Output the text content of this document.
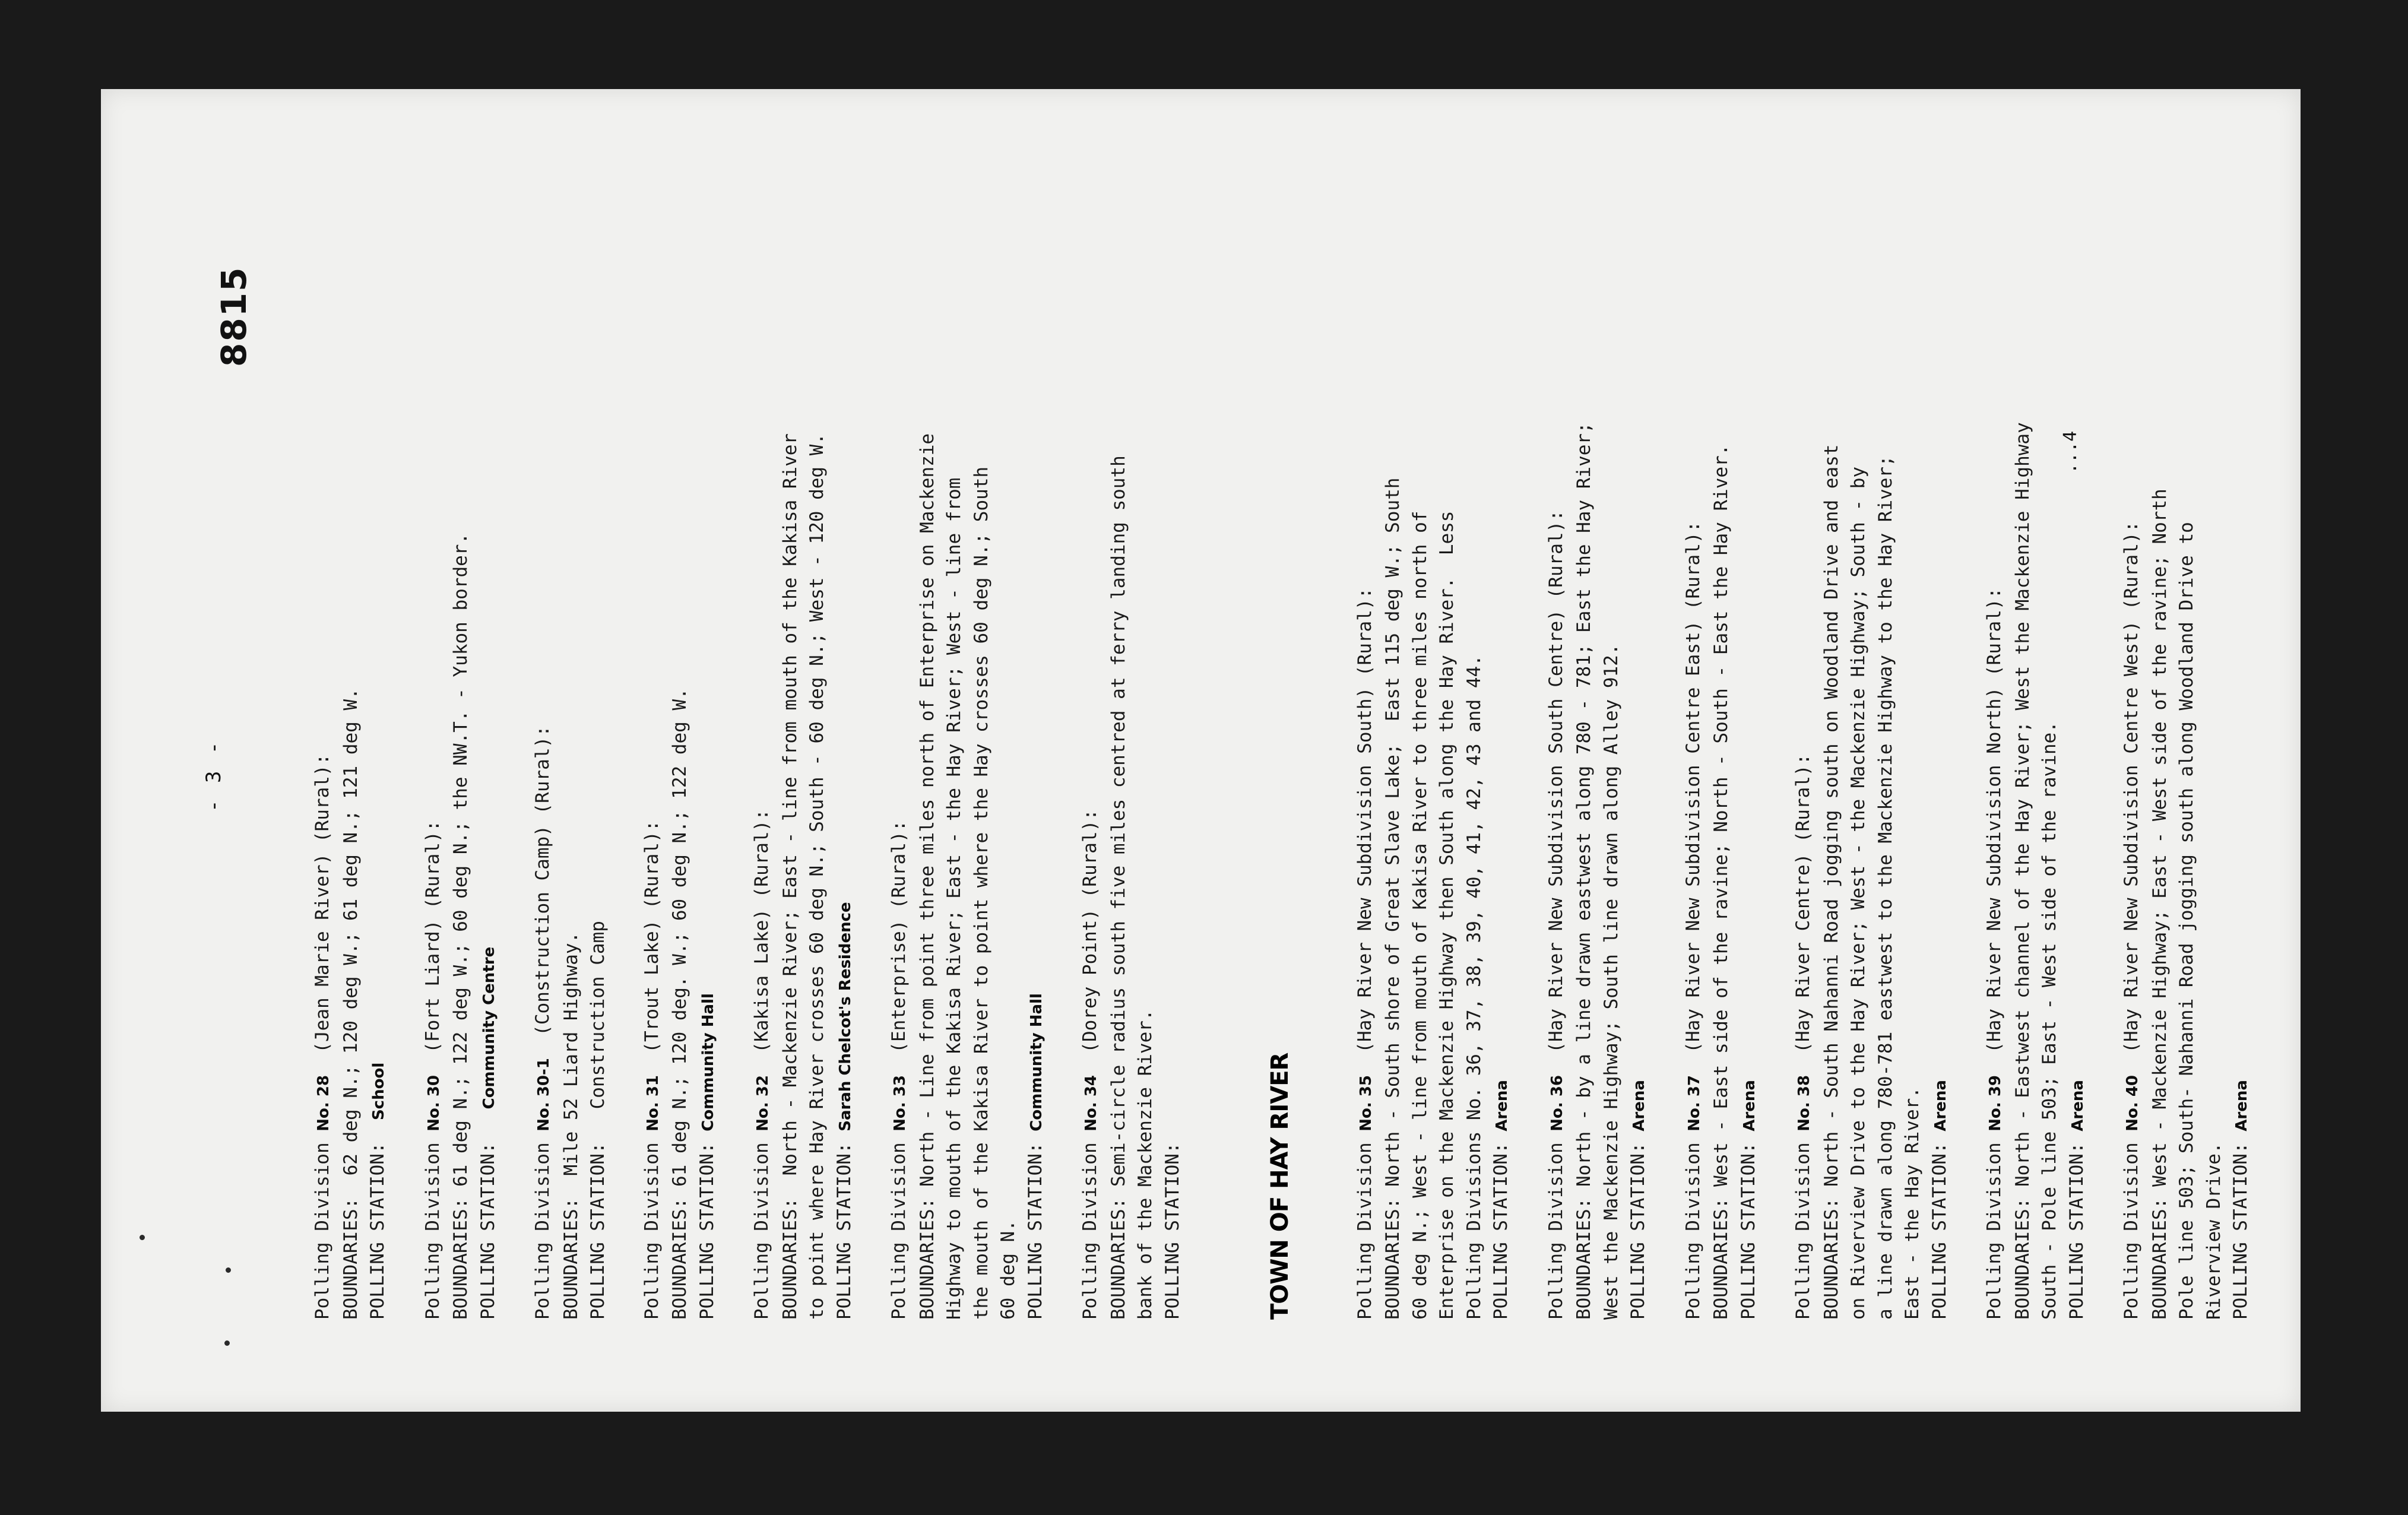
- 3 -
8815
...4

Polling Division No. 28  (Jean Marie River) (Rural): BOUNDARIES:  62 deg N.; 120 deg W.; 61 deg N.; 121 deg W. POLLING STATION:  School
Polling Division No. 30  (Fort Liard) (Rural): BOUNDARIES: 61 deg N.; 122 deg W.; 60 deg N.; the NW.T. - Yukon border. POLLING STATION:   Community Centre
Polling Division No. 30-1  (Construction Camp) (Rural):
BOUNDARIES:  Mile 52 Liard Highway. POLLING STATION:   Construction Camp
Polling Division No. 31  (Trout Lake) (Rural): BOUNDARIES: 61 deg N.; 120 deg. W.; 60 deg N.; 122 deg W. POLLING STATION: Community Hall
Polling Division No. 32  (Kakisa Lake) (Rural): BOUNDARIES:  North - Mackenzie River; East - line from mouth of the Kakisa River to point where Hay River crosses 60 deg N.; South - 60 deg N.; West - 120 deg W. POLLING STATION: Sarah Chelcot's Residence
Polling Division No. 33  (Enterprise) (Rural): BOUNDARIES: North - Line from point three miles north of Enterprise on Mackenzie Highway to mouth of the Kakisa River; East - the Hay River; West - line from the mouth of the Kakisa River to point where the Hay crosses 60 deg N.; South 60 deg N. POLLING STATION: Community Hall
Polling Division No. 34  (Dorey Point) (Rural): BOUNDARIES: Semi-circle radius south five miles centred at ferry landing south bank of the Mackenzie River. POLLING STATION:

	TOWN OF HAY RIVER

	Polling Division No. 35  (Hay River New Subdivision South) (Rural): BOUNDARIES: North - South shore of Great Slave Lake;  East 115 deg W.; South 60 deg N.; West - line from mouth of Kakisa River to three miles north of Enterprise on the Mackenzie Highway then South along the Hay River.  Less Polling Divisions No. 36, 37, 38, 39, 40, 41, 42, 43 and 44. POLLING STATION: Arena
Polling Division No. 36  (Hay River New Subdivision South Centre) (Rural): BOUNDARIES: North - by a line drawn eastwest along 780 - 781; East the Hay River; West the Mackenzie Highway; South line drawn along Alley 912. POLLING STATION: Arena
Polling Division No. 37  (Hay River New Subdivision Centre East) (Rural): BOUNDARIES: West - East side of the ravine; North - South - East the Hay River. POLLING STATION: Arena
Polling Division No. 38  (Hay River Centre) (Rural): BOUNDARIES: North - South Nahanni Road jogging south on Woodland Drive and east on Riverview Drive to the Hay River; West - the Mackenzie Highway; South - by a line drawn along 780-781 eastwest to the Mackenzie Highway to the Hay River; East - the Hay River. POLLING STATION: Arena
Polling Division No. 39  (Hay River New Subdivision North) (Rural): BOUNDARIES: North - Eastwest channel of the Hay River; West the Mackenzie Highway South - Pole line 503; East - West side of the ravine. POLLING STATION: Arena
Polling Division No. 40  (Hay River New Subdivision Centre West) (Rural): BOUNDARIES: West - Mackenzie Highway; East - West side of the ravine; North Pole line 503; South- Nahanni Road jogging south along Woodland Drive to Riverview Drive. POLLING STATION: Arena
